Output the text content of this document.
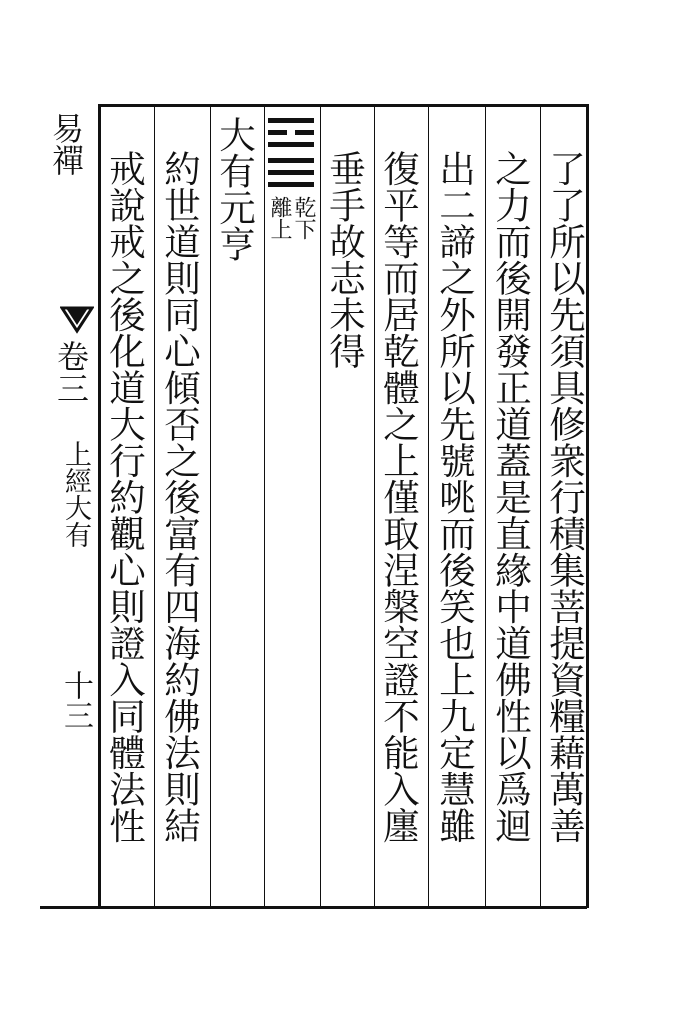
易禪
卷三
上經大有
十三	了了所以先須具修衆行積集菩提資糧藉萬善
之力而後開發正道蓋是直緣中道佛性以爲迴
出二諦之外所以先號咷而後笑也上九定慧雖
復平等而居乾體之上僅取涅槃空證不能入廛
垂手故志未得
乾下
離上
大有元亨
約世道則同心傾否之後富有四海約佛法則結
戒說戒之後化道大行約觀心則證入同體法性
